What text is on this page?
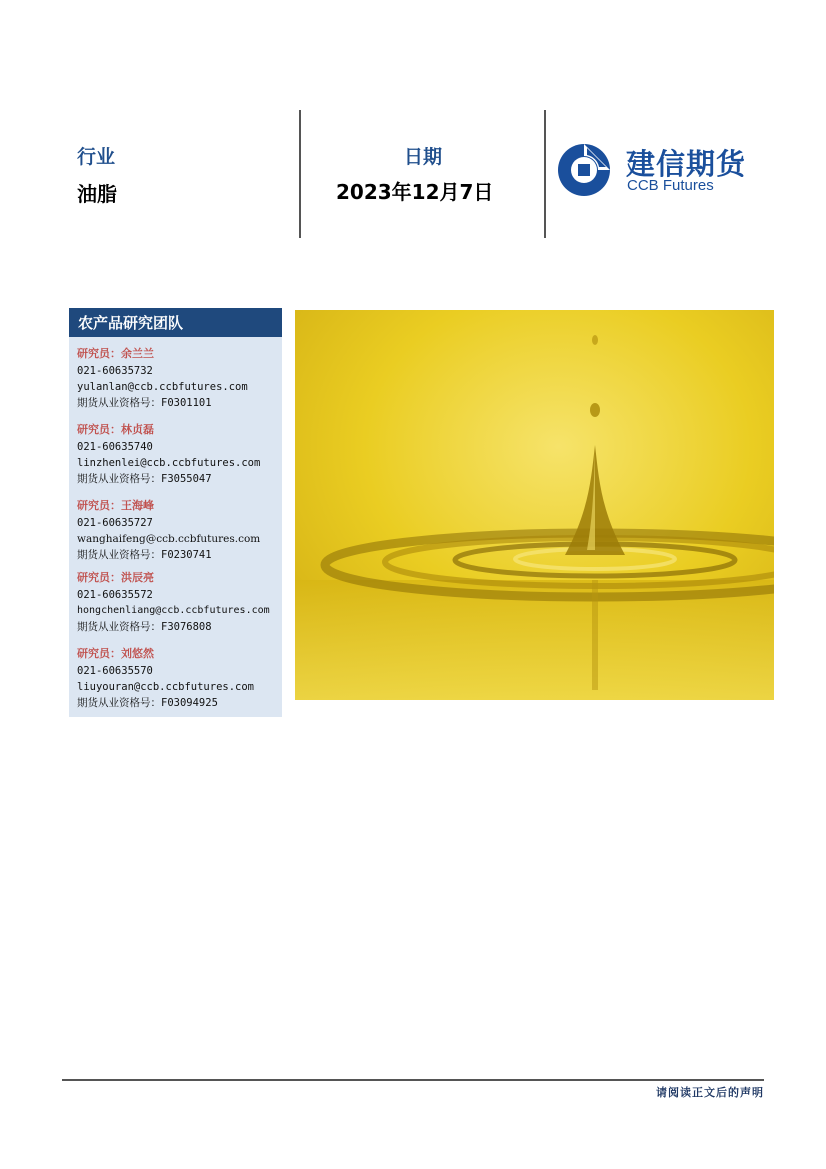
行业
油脂
日期
2023年12月7日
建信期货
CCB Futures
农产品研究团队
研究员：余兰兰
021-60635732
yulanlan@ccb.ccbfutures.com
期货从业资格号：F0301101
研究员：林贞磊
021-60635740
linzhenlei@ccb.ccbfutures.com
期货从业资格号：F3055047
研究员：王海峰
021-60635727
wanghaifeng@ccb.ccbfutures.com
期货从业资格号：F0230741
研究员：洪辰亮
021-60635572
hongchenliang@ccb.ccbfutures.com
期货从业资格号：F3076808
研究员：刘悠然
021-60635570
liuyouran@ccb.ccbfutures.com
期货从业资格号：F03094925
请阅读正文后的声明
